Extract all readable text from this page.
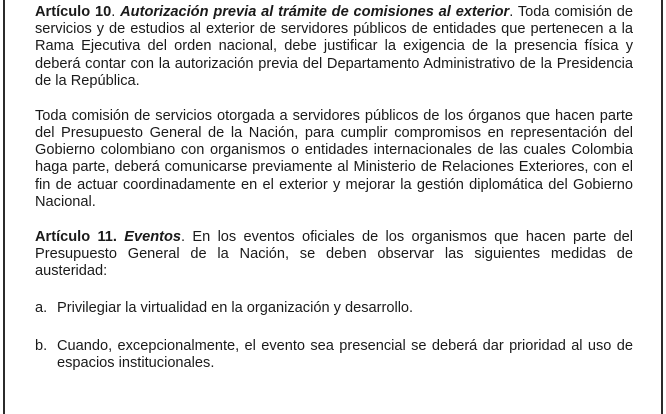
Artículo 10. Autorización previa al trámite de comisiones al exterior. Toda comisión de servicios y de estudios al exterior de servidores públicos de entidades que pertenecen a la Rama Ejecutiva del orden nacional, debe justificar la exigencia de la presencia física y deberá contar con la autorización previa del Departamento Administrativo de la Presidencia de la República.

Toda comisión de servicios otorgada a servidores públicos de los órganos que hacen parte del Presupuesto General de la Nación, para cumplir compromisos en representación del Gobierno colombiano con organismos o entidades internacionales de las cuales Colombia haga parte, deberá comunicarse previamente al Ministerio de Relaciones Exteriores, con el fin de actuar coordinadamente en el exterior y mejorar la gestión diplomática del Gobierno Nacional.

Artículo 11. Eventos. En los eventos oficiales de los organismos que hacen parte del Presupuesto General de la Nación, se deben observar las siguientes medidas de austeridad:

a. Privilegiar la virtualidad en la organización y desarrollo.
b. Cuando, excepcionalmente, el evento sea presencial se deberá dar prioridad al uso de espacios institucionales.
